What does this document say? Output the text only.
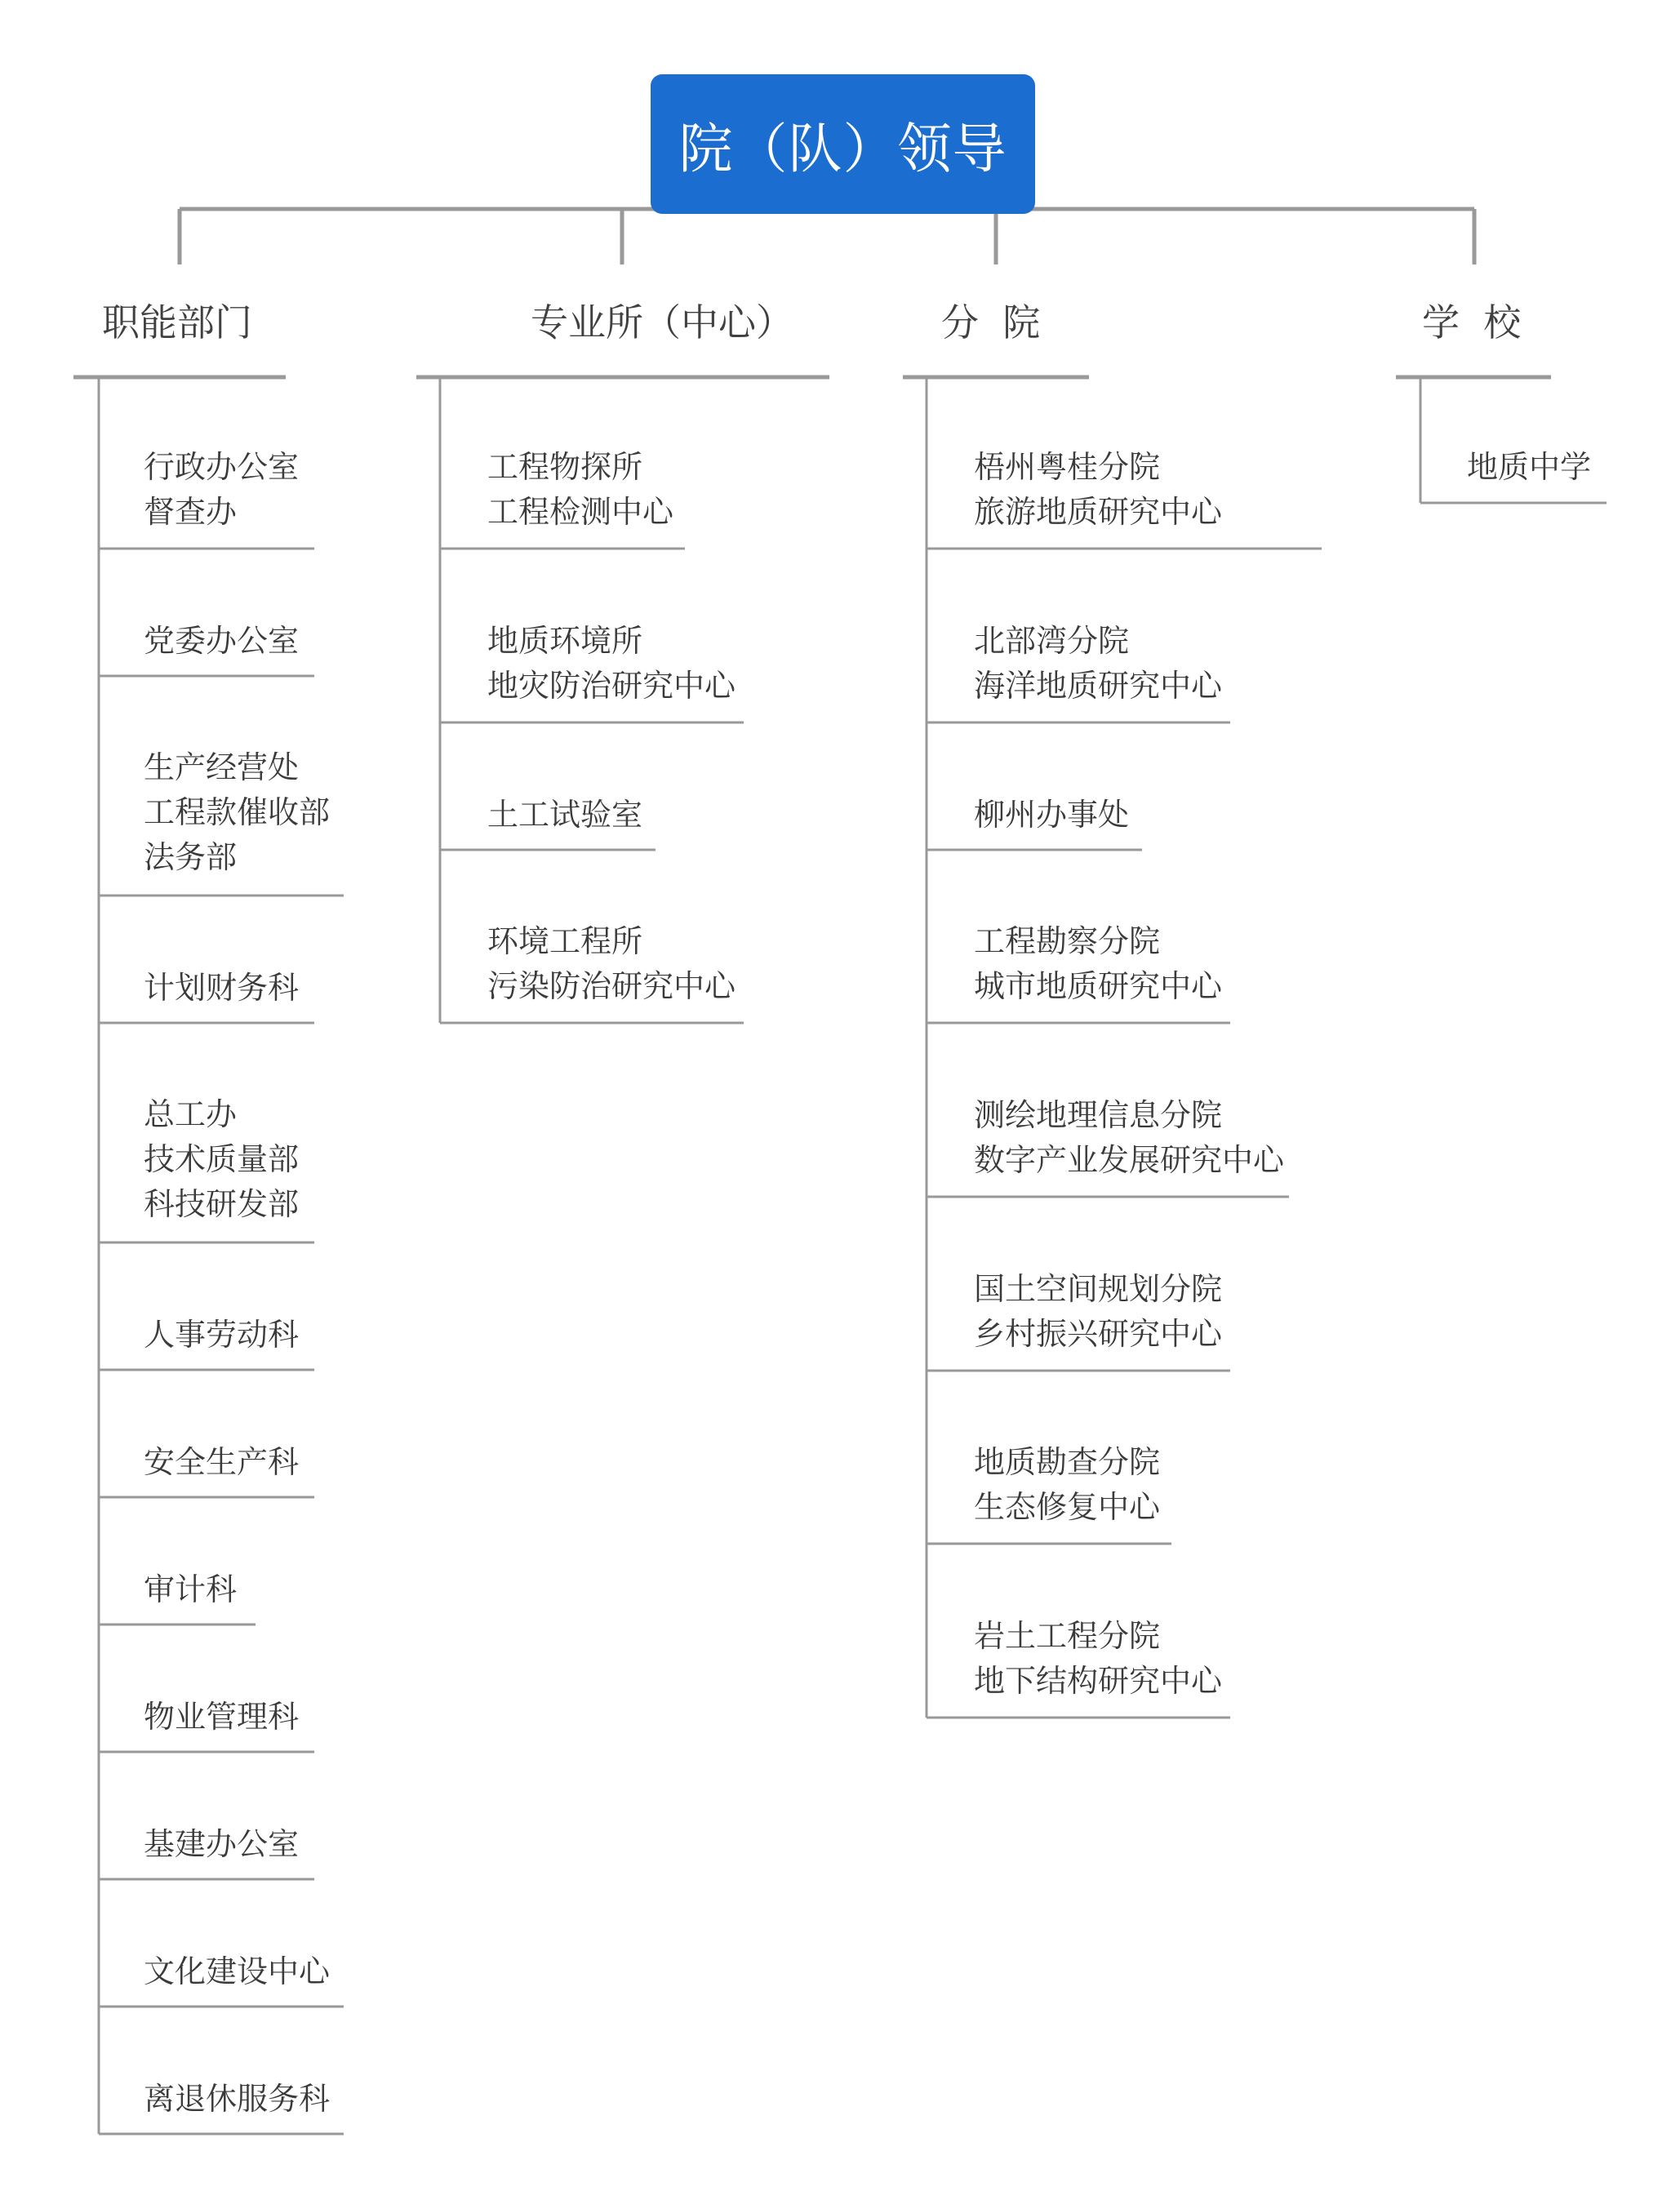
院（队）领导
职能部门	专业所（中心）	分  院	学  校
行政办公室
督查办
党委办公室
生产经营处
工程款催收部
法务部
计划财务科
总工办
技术质量部
科技研发部
人事劳动科
安全生产科
审计科
物业管理科
基建办公室
文化建设中心
离退休服务科
工程物探所
工程检测中心
地质环境所
地灾防治研究中心
土工试验室
环境工程所
污染防治研究中心
梧州粤桂分院
旅游地质研究中心
北部湾分院
海洋地质研究中心
柳州办事处
工程勘察分院
城市地质研究中心
测绘地理信息分院
数字产业发展研究中心
国土空间规划分院
乡村振兴研究中心
地质勘查分院
生态修复中心
岩土工程分院
地下结构研究中心
地质中学
